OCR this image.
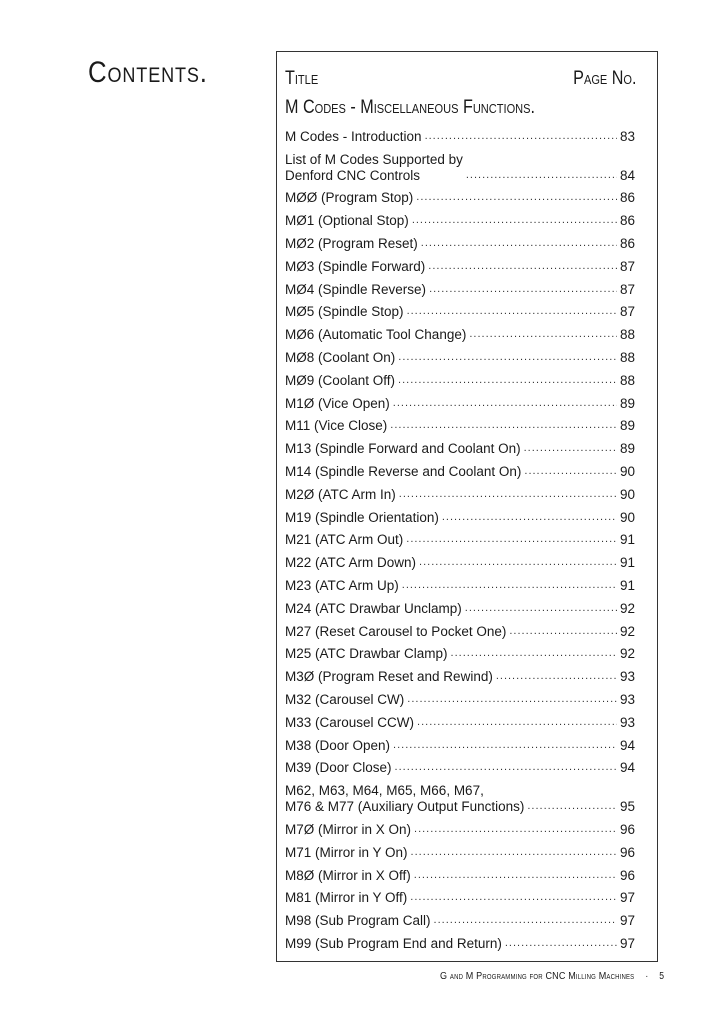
Contents.	Title	Page No.
M Codes - Miscellaneous Functions.
M Codes - Introduction .....	83
List of M Codes Supported by
Denford CNC Controls .....	84
MØØ (Program Stop) .....	86
MØ1 (Optional Stop) .....	86
MØ2 (Program Reset) .....	86
MØ3 (Spindle Forward) .....	87
MØ4 (Spindle Reverse) .....	87
MØ5 (Spindle Stop) .....	87
MØ6 (Automatic Tool Change) .....	88
MØ8 (Coolant On) .....	88
MØ9 (Coolant Off) .....	88
M1Ø (Vice Open) .....	89
M11 (Vice Close) .....	89
M13 (Spindle Forward and Coolant On) .....	89
M14 (Spindle Reverse and Coolant On) .....	90
M2Ø (ATC Arm In) .....	90
M19 (Spindle Orientation) .....	90
M21 (ATC Arm Out) .....	91
M22 (ATC Arm Down) .....	91
M23 (ATC Arm Up) .....	91
M24 (ATC Drawbar Unclamp) .....	92
M27 (Reset Carousel to Pocket One) .....	92
M25 (ATC Drawbar Clamp) .....	92
M3Ø (Program Reset and Rewind) .....	93
M32 (Carousel CW) .....	93
M33 (Carousel CCW) .....	93
M38 (Door Open) .....	94
M39 (Door Close) .....	94
M62, M63, M64, M65, M66, M67,
M76 & M77 (Auxiliary Output Functions) .....	95
M7Ø (Mirror in X On) .....	96
M71 (Mirror in Y On) .....	96
M8Ø (Mirror in X Off) .....	96
M81 (Mirror in Y Off) .....	97
M98 (Sub Program Call) .....	97
M99 (Sub Program End and Return) .....	97
G and M Programming for CNC Milling Machines · 5
